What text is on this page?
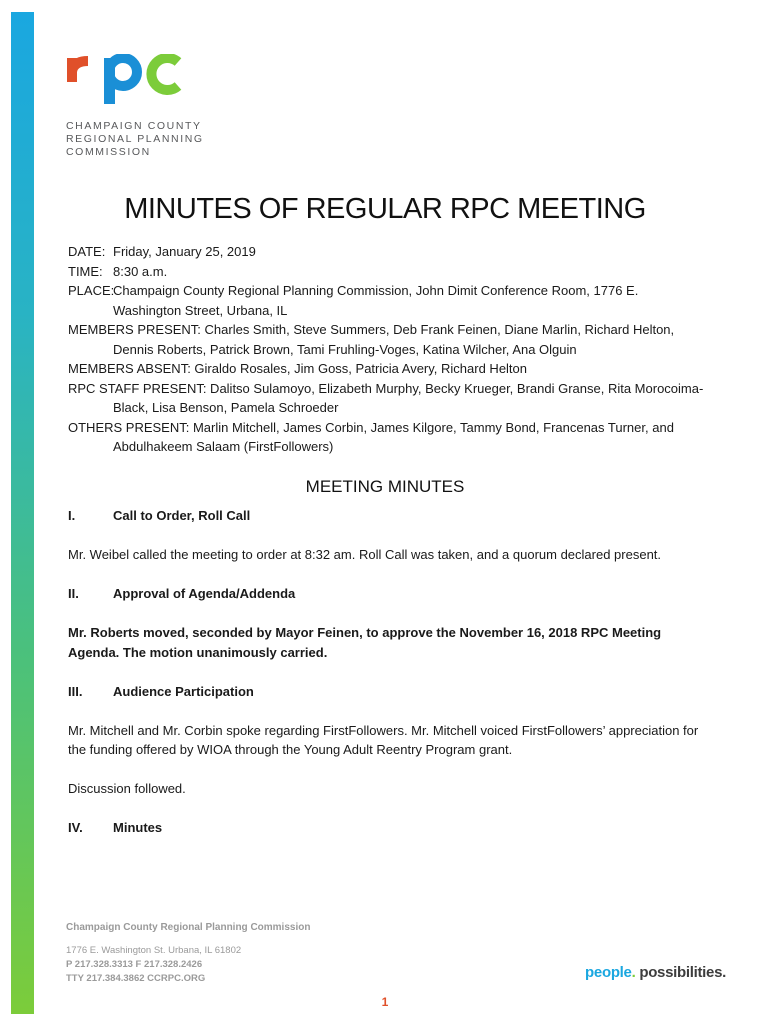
CHAMPAIGN COUNTY
REGIONAL PLANNING
COMMISSION
MINUTES OF REGULAR RPC MEETING
DATE: Friday, January 25, 2019
TIME: 8:30 a.m.
PLACE:
Champaign County Regional Planning Commission, John Dimit Conference Room, 1776 E. Washington Street, Urbana, IL
MEMBERS PRESENT: Charles Smith, Steve Summers, Deb Frank Feinen, Diane Marlin, Richard Helton, Dennis Roberts, Patrick Brown, Tami Fruhling-Voges, Katina Wilcher, Ana Olguin
MEMBERS ABSENT: Giraldo Rosales, Jim Goss, Patricia Avery, Richard Helton
RPC STAFF PRESENT: Dalitso Sulamoyo, Elizabeth Murphy, Becky Krueger, Brandi Granse, Rita Morocoima-Black, Lisa Benson, Pamela Schroeder
OTHERS PRESENT: Marlin Mitchell, James Corbin, James Kilgore, Tammy Bond, Francenas Turner, and Abdulhakeem Salaam (FirstFollowers)
MEETING MINUTES
I.	Call to Order, Roll Call

Mr. Weibel called the meeting to order at 8:32 am. Roll Call was taken, and a quorum declared present.

II.	Approval of Agenda/Addenda

Mr. Roberts moved, seconded by Mayor Feinen, to approve the November 16, 2018 RPC Meeting Agenda. The motion unanimously carried.

III.	Audience Participation

Mr. Mitchell and Mr. Corbin spoke regarding FirstFollowers. Mr. Mitchell voiced FirstFollowers’ appreciation for the funding offered by WIOA through the Young Adult Reentry Program grant.

Discussion followed.

IV.	Minutes
Champaign County Regional Planning Commission
1776 E. Washington St. Urbana, IL 61802
P 217.328.3313 F 217.328.2426
TTY 217.384.3862 CCRPC.ORG	people. possibilities.
1
